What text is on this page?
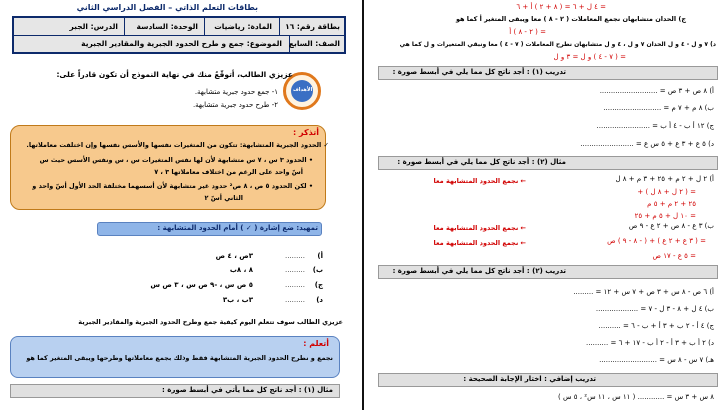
بطاقات التعلم الذاتي – الفصل الدراسي الثاني
بطاقة رقم: ١٦
المادة: رياضيات
الوحدة: السادسة
الدرس: الجبر
الصف: السابع
الموضوع: جمع و طرح الحدود الجبرية والمقادير الجبرية
الأهداف
عزيزي الطالب، أتوقّعُ منك في نهاية النموذج أن تكون قادراً على:
١- جمع حدود جبرية متشابهة.
٢- طرح حدود جبرية متشابهة.
أتذكر :
✓ الحدود الجبرية المتشابهة: تتكون من المتغيرات نفسها والأسس نفسها وإن اختلفت معاملاتها.
• الحدود ٣ س ، ٧ س متشابهة لأن لها نفس المتغيرات س ، س ونفس الأسس حيث س
أسّ واحد على الرغم من اختلاف معاملاتها ٣ ، ٧
• لكن الحدود ٥ ص ، ٨ ص² حدود غير متشابهة لأن أسسهما مختلفة الحد الأول أسّ واحد و
الثاني أسّ ٢
تمهيد: ضع إشارة ( ✓ ) أمام الحدود المتشابهة :
أ)
.........
٣ص ، ٤ ص
ب)
.........
٨ ، ٨ب
ج)
.........
٥ ص س ، -٩ ص س ، ٣ ص س
د)
.........
٣ب ، ب٣
عزيزي الطالب سوف تتعلم اليوم كيفية جمع وطرح الحدود الجبرية والمقادير الجبرية
أتعلم :
نجمع و نطرح الحدود الجبرية المتشابهة فقط وذلك بجمع معاملاتها وطرحها ويبقى المتغير كما هو
مثال (١) : أجد ناتج كل مما يأتي في أبسط صورة :
= ٤ ل + ٦ = ( ٨ + ٢ ) أ + ٦
ج) الحدان متشابهان نجمع المعاملات ( ٢ - ٨ ) معا ويبقى المتغير أ كما هو
= ( ٢ - ٨ ) أ
د) ٧ و ل - ٤ و ل الحدان ٧ و ل ، ٤ و ل متشابهان نطرح المعاملات ( ٧ - ٤ ) معا ونبقي المتغيرات و ل كما هي
= ( ٧ - ٤ ) و ل = ٣ و ل
تدريب (١) : أجد ناتج كل مما يلي في أبسط صورة :
أ) ٨ ص + ٣ ص = ..........................
ب) ٨ م + ٧ م = ..........................
ج) ١٢ أ ب - ٤ أ ب = ........................
د) ٥ ع + ٣ ع + ٥ س ع = ........................
مثال (٢) : أجد ناتج كل مما يلي في أبسط صورة :
أ) ٢ ل + ٢ م + ٢٥ + ٣ م + ٨ ل
← نجمع الحدود المتشابهة معا
= ( ٢ ل + ٨ ل ) +
٢٥ + ٢ م + ٥ م
= ١٠ ل + ٥ م + ٢٥
ب) ٣ ع - ٨ ص + ٢ ع - ٩ ص
← نجمع الحدود المتشابهة معا
= ( ٣ ع + ٢ ع ) + ( - ٨ - ٩ ) ص
← نجمع الحدود المتشابهة معا
= ٥ ع - ١٧ ص
تدريب (٢) : أجد ناتج كل مما يلي في أبسط صورة :
أ) ٦ ص - ٨ س + ٣ ص + ٧ س + ١٢ = .........
ب) ٤ ل + ٨ - ٣ ل - ٧ = ...................
ج) ٤ أ - ٢ ب + ٣ أ + ب - ٦ = ..........
د) ٢ أ ب + ٣ أ - ٢ أ ب - ١٧ + ٦ = ..........
هـ) ٧ س - ٨ س = ..........................
تدريب إضافي : اختار الإجابة الصحيحة :
٨ س + ٣ س = ............ ( ١١ س ، ١١ س² ، ٥ س )
